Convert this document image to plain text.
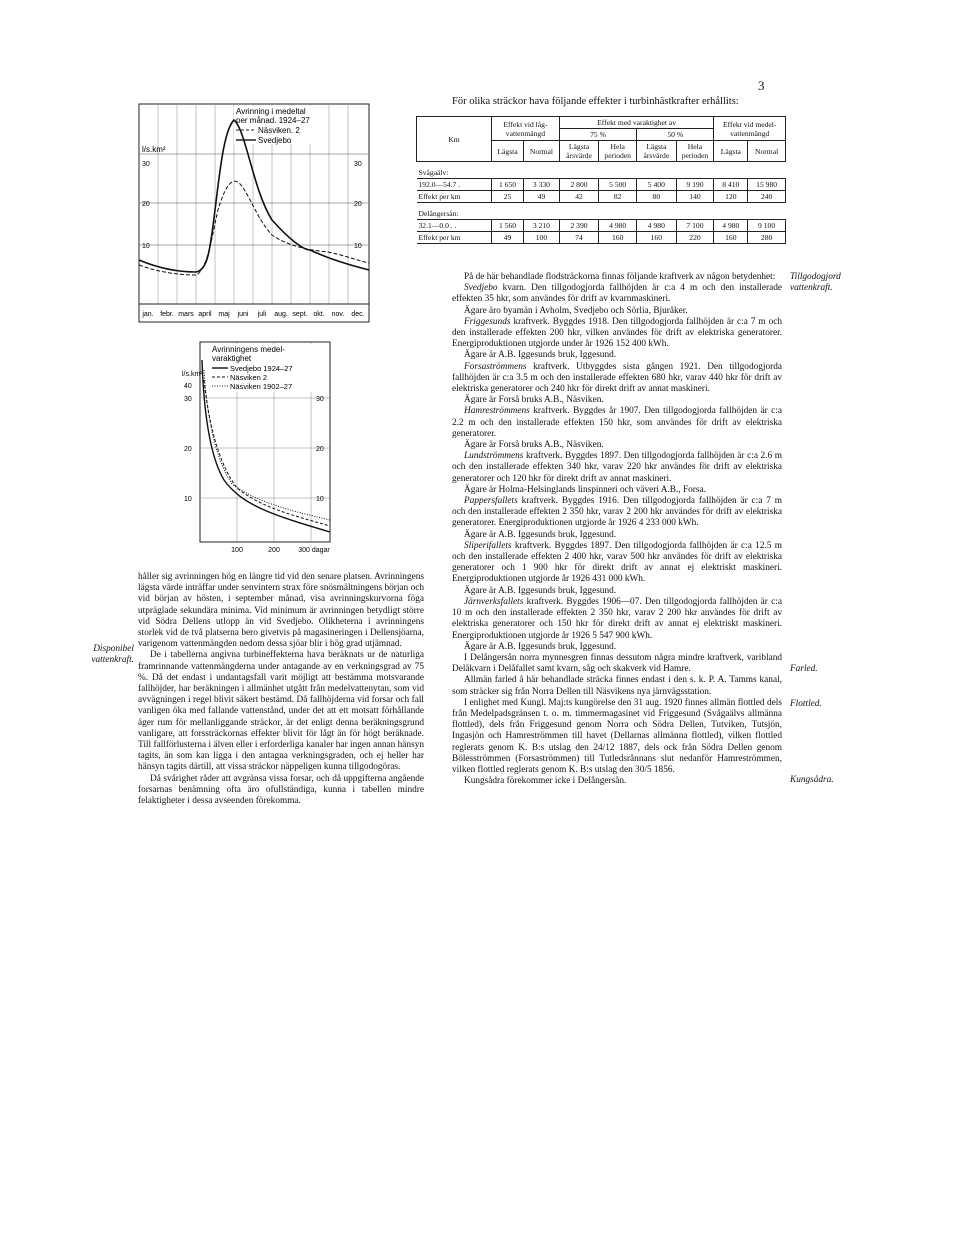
3
För olika sträckor hava följande effekter i turbinhästkrafter erhållits:
Km	Effekt vid låg- vattenmängd		Effekt med varaktighet av				Effekt vid medel- vattenmängd	
			75 %		50 %			
	Lägsta	Normal	Lägsta årsvärde	Hela perioden	Lägsta årsvärde	Hela perioden	Lägsta	Normal
Svågaälv:								
192.0—54.7 .	1 650	3 330	2 800	5 500	5 400	9 190	8 410	15 980
Effekt per km	25	49	42	82	80	140	120	240
Delångersån:								
32.1—0.0 . .	1 560	3 210	2 390	4 980	4 980	7 100	4 980	9 100
Effekt per km	49	100	74	160	160	220	160	280
l/s.km²
30	30
20	20
10	10
Avrinning i medeltal
per månad. 1924–27
Näsviken. 2
Svedjebo
jan. febr. mars april maj juni juli aug. sept. okt. nov. dec.
Avrinningens medel-
varaktighet
Svedjebo 1924–27
Näsviken 2
Näsviken 1902–27
l/s.km²
40
30	30
20	20
10	10
100	200	300 dagar

håller sig avrinningen hög en längre tid vid den senare platsen. Avrinningens lägsta värde inträffar under senvintern strax före snösmältningens början och vid början av hösten, i september månad, visa avrinningskurvorna föga utpräglade sekundära minima. Vid minimum är avrinningen betydligt större vid Södra Dellens utlopp än vid Svedjebo. Olikheterna i avrinningens storlek vid de två platserna bero givetvis på magasineringen i Dellensjöarna, varigenom vattenmängden nedom dessa sjöar blir i hög grad utjämnad.

De i tabellerna angivna turbineffekterna hava beräknats ur de naturliga framrinnande vattenmängderna under antagande av en verkningsgrad av 75 %. Då det endast i undantagsfall varit möjligt att bestämma motsvarande fallhöjder, har beräkningen i allmänhet utgått från medelvattenytan, som vid avvägningen i regel blivit säkert bestämd. Då fallhöjderna vid forsar och fall vanligen öka med fallande vattenstånd, under det att ett motsatt förhållande äger rum för mellanliggande sträckor, är det enligt denna beräkningsgrund vanligare, att forssträckornas effekter blivit för lågt än för högt beräknade. Till fallförlusterna i älven eller i erforderliga kanaler har ingen annan hänsyn tagits, än som kan ligga i den antagna verkningsgraden, och ej heller har hänsyn tagits därtill, att vissa sträckor näppeligen kunna tillgodogöras.

Då svårighet råder att avgränsa vissa forsar, och då uppgifterna angående forsarnas benämning ofta äro ofullständiga, kunna i tabellen mindre felaktigheter i dessa avseenden förekomma.

Disponibel vattenkraft.

På de här behandlade flodsträckorna finnas följande kraftverk av någon betydenhet:

Svedjebo kvarn. Den tillgodogjorda fallhöjden är c:a 4 m och den installerade effekten 35 hkr, som användes för drift av kvarnmaskineri.

Ägare äro byamän i Avholm, Svedjebo och Sörlia, Bjuråker.

Friggesunds kraftverk. Byggdes 1918. Den tillgodogjorda fallhöjden är c:a 7 m och den installerade effekten 200 hkr, vilken användes för drift av elektriska generatorer. Energiproduktionen utgjorde under år 1926 152 400 kWh.

Ägare är A.B. Iggesunds bruk, Iggesund.

Forsaströmmens kraftverk. Utbyggdes sista gången 1921. Den tillgodogjorda fallhöjden är c:a 3.5 m och den installerade effekten 680 hkr, varav 440 hkr för drift av elektriska generatorer och 240 hkr för direkt drift av annat maskineri.

Ägare är Forså bruks A.B., Näsviken.

Hamreströmmens kraftverk. Byggdes år 1907. Den tillgodogjorda fallhöjden är c:a 2.2 m och den installerade effekten 150 hkr, som användes för drift av elektriska generatorer.

Ägare är Forså bruks A.B., Näsviken.

Lundströmmens kraftverk. Byggdes 1897. Den tillgodogjorda fallhöjden är c:a 2.6 m och den installerade effekten 340 hkr, varav 220 hkr användes för drift av elektriska generatorer och 120 hkr för direkt drift av annat maskineri.

Ägare är Holma-Helsinglands linspinneri och väveri A.B., Forsa.

Pappersfallets kraftverk. Byggdes 1916. Den tillgodogjorda fallhöjden är c:a 7 m och den installerade effekten 2 350 hkr, varav 2 200 hkr användes för drift av elektriska generatorer. Energiproduktionen utgjorde år 1926 4 233 000 kWh.

Ägare är A.B. Iggesunds bruk, Iggesund.

Sliperifallets kraftverk. Byggdes 1897. Den tillgodogjorda fallhöjden är c:a 12.5 m och den installerade effekten 2 400 hkr, varav 500 hkr användes för drift av elektriska generatorer och 1 900 hkr för direkt drift av annat ej elektriskt maskineri. Energiproduktionen utgjorde år 1926 431 000 kWh.

Ägare är A.B. Iggesunds bruk, Iggesund.

Järnverksfallets kraftverk. Byggdes 1906—07. Den tillgodogjorda fallhöjden är c:a 10 m och den installerade effekten 2 350 hkr, varav 2 200 hkr användes för drift av elektriska generatorer och 150 hkr för direkt drift av annat ej elektriskt maskineri. Energiproduktionen utgjorde år 1926 5 547 900 kWh.

Ägare är A.B. Iggesunds bruk, Iggesund.

I Delångersån norra mynnesgren finnas dessutom några mindre kraftverk, varibland Delåkvarn i Delåfallet samt kvarn, såg och skakverk vid Hamre.

Allmän farled å här behandlade sträcka finnes endast i den s. k. P. A. Tamms kanal, som sträcker sig från Norra Dellen till Näsvikens nya järnvägsstation.

I enlighet med Kungl. Maj:ts kungörelse den 31 aug. 1920 finnes allmän flottled dels från Medelpadsgränsen t. o. m. timmermagasinet vid Friggesund (Svågaälvs allmänna flottled), dels från Friggesund genom Norra och Södra Dellen, Tutviken, Tutsjön, Ingasjön och Hamreströmmen till havet (Dellarnas allmänna flottled), vilken flottled reglerats genom K. B:s utslag den 24/12 1887, dels ock från Södra Dellen genom Bölesströmmen (Forsaströmmen) till Tutledsrånnans slut nedanför Hamreströmmen, vilken flottled reglerats genom K. B:s utslag den 30/5 1856.

Kungsådra förekommer icke i Delångersån.

Tillgodogjord vattenkraft.
Farled.
Flottled.
Kungsådra.
